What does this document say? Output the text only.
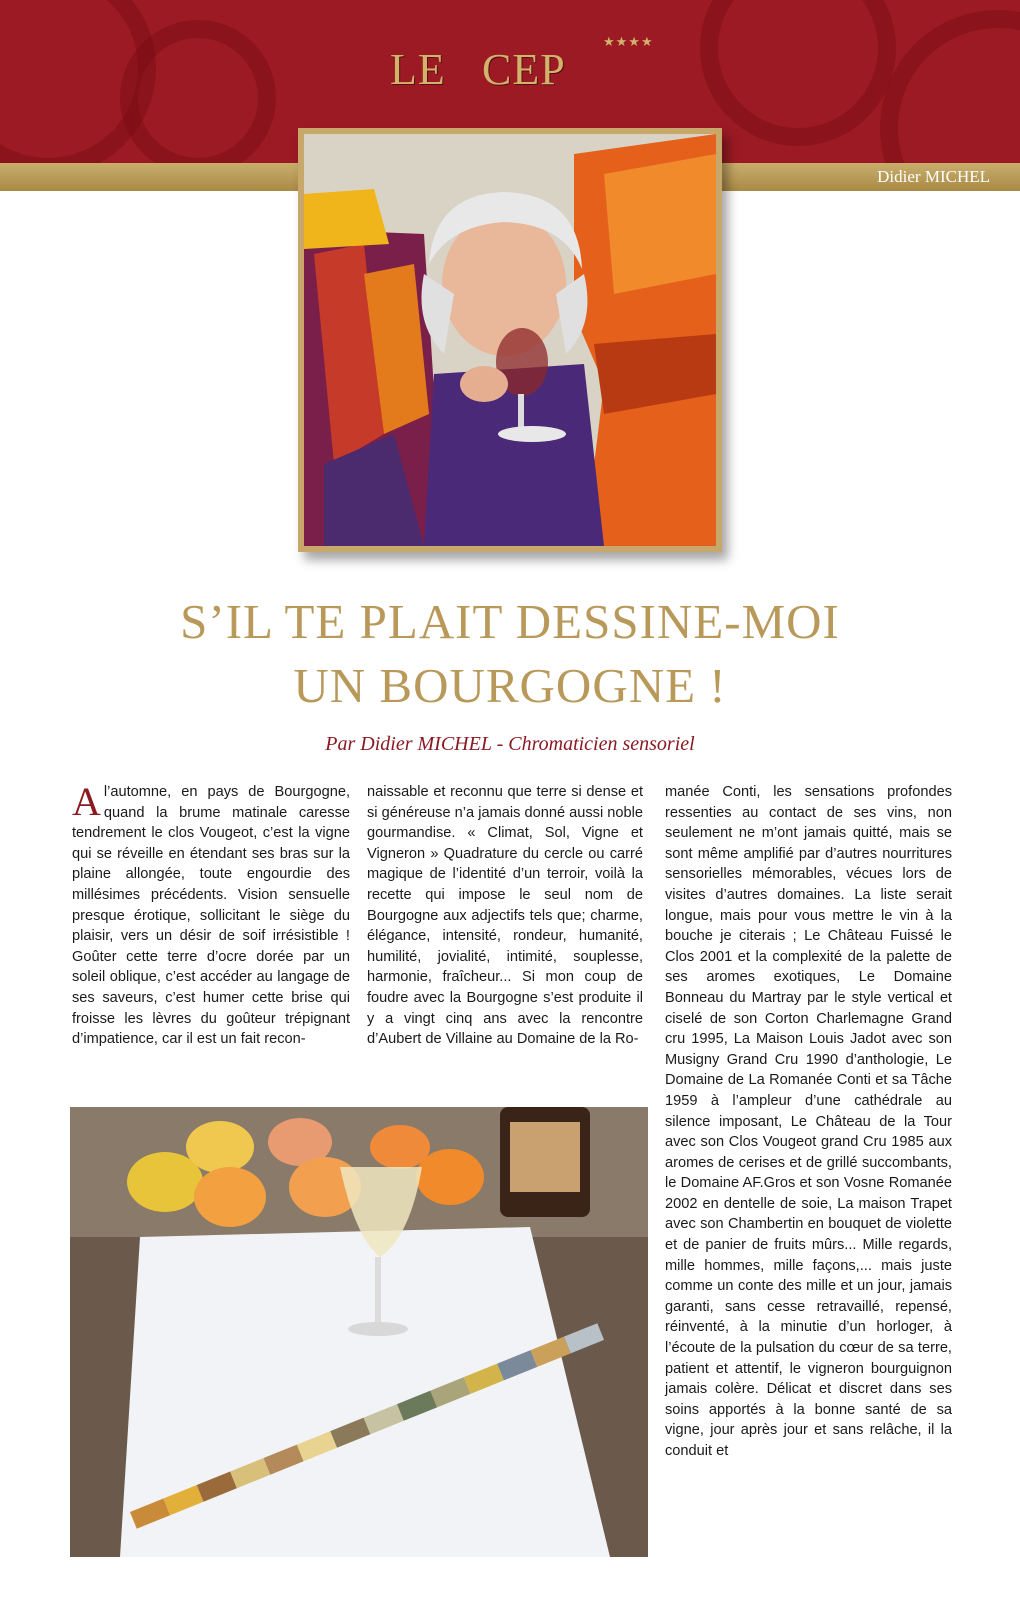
LE CEP
★★★★
Didier MICHEL
S’IL TE PLAIT DESSINE-MOI
UN BOURGOGNE !
Par Didier MICHEL - Chromaticien sensoriel
Al’automne, en pays de Bourgogne, quand la brume matinale caresse tendrement le clos Vougeot, c’est la vigne qui se réveille en étendant ses bras sur la plaine allongée, toute engourdie des millésimes précédents. Vision sensuelle presque érotique, sollicitant le siège du plaisir, vers un désir de soif irrésistible ! Goûter cette terre d’ocre dorée par un soleil oblique, c’est accéder au langage de ses saveurs, c’est humer cette brise qui froisse les lèvres du goûteur trépignant d’impatience, car il est un fait recon-
naissable et reconnu que terre si dense et si généreuse n’a jamais donné aussi noble gourmandise. « Climat, Sol, Vigne et Vigneron » Quadrature du cercle ou carré magique de l’identité d’un terroir, voilà la recette qui impose le seul nom de Bourgogne aux adjectifs tels que; charme, élégance, intensité, rondeur, humanité, humilité, jovialité, intimité, souplesse, harmonie, fraîcheur... Si mon coup de foudre avec la Bourgogne s’est produite il y a vingt cinq ans avec la rencontre d’Aubert de Villaine au Domaine de la Ro-
manée Conti, les sensations profondes ressenties au contact de ses vins, non seulement ne m’ont jamais quitté, mais se sont même amplifié par d’autres nourritures sensorielles mémorables, vécues lors de visites d’autres domaines. La liste serait longue, mais pour vous mettre le vin à la bouche je citerais ; Le Château Fuissé le Clos 2001 et la complexité de la palette de ses aromes exotiques, Le Domaine Bonneau du Martray par le style vertical et ciselé de son Corton Charlemagne Grand cru 1995, La Maison Louis Jadot avec son Musigny Grand Cru 1990 d’anthologie, Le Domaine de La Romanée Conti et sa Tâche 1959 à l’ampleur d’une cathédrale au silence imposant, Le Château de la Tour avec son Clos Vougeot grand Cru 1985 aux aromes de cerises et de grillé succombants, le Domaine AF.Gros et son Vosne Romanée 2002 en dentelle de soie, La maison Trapet avec son Chambertin en bouquet de violette et de panier de fruits mûrs... Mille regards, mille hommes, mille façons,... mais juste comme un conte des mille et un jour, jamais garanti, sans cesse retravaillé, repensé, réinventé, à la minutie d’un horloger, à l’écoute de la pulsation du cœur de sa terre, patient et attentif, le vigneron bourguignon jamais colère. Délicat et discret dans ses soins apportés à la bonne santé de sa vigne, jour après jour et sans relâche, il la conduit et
